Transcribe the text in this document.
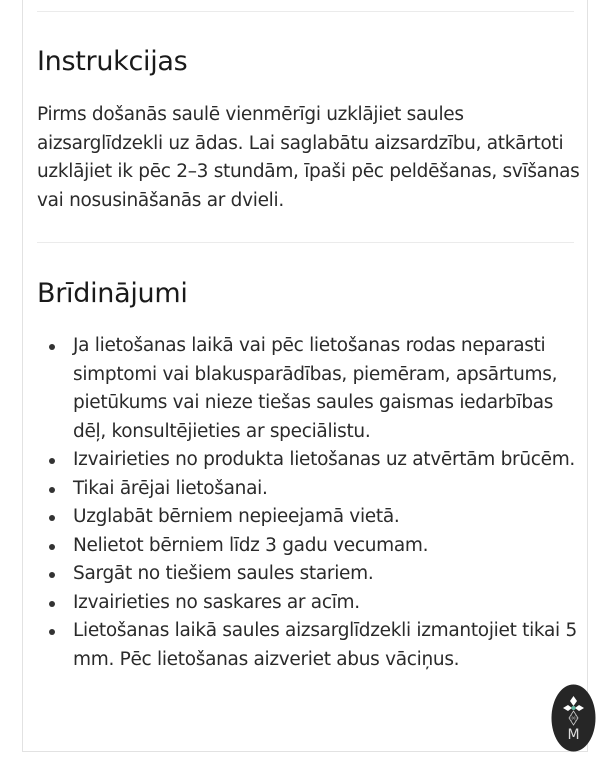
Instrukcijas

Pirms došanās saulē vienmērīgi uzklājiet saules aizsarglīdzekli uz ādas. Lai saglabātu aizsardzību, atkārtoti uzklājiet ik pēc 2–3 stundām, īpaši pēc peldēšanas, svīšanas vai nosusināšanās ar dvieli.

Brīdinājumi
Ja lietošanas laikā vai pēc lietošanas rodas neparasti simptomi vai blakusparādības, piemēram, apsārtums, pietūkums vai nieze tiešas saules gaismas iedarbības dēļ, konsultējieties ar speciālistu.
Izvairieties no produkta lietošanas uz atvērtām brūcēm.
Tikai ārējai lietošanai.
Uzglabāt bērniem nepieejamā vietā.
Nelietot bērniem līdz 3 gadu vecumam.
Sargāt no tiešiem saules stariem.
Izvairieties no saskares ar acīm.
Lietošanas laikā saules aizsarglīdzekli izmantojiet tikai 5 mm. Pēc lietošanas aizveriet abus vāciņus.
M
